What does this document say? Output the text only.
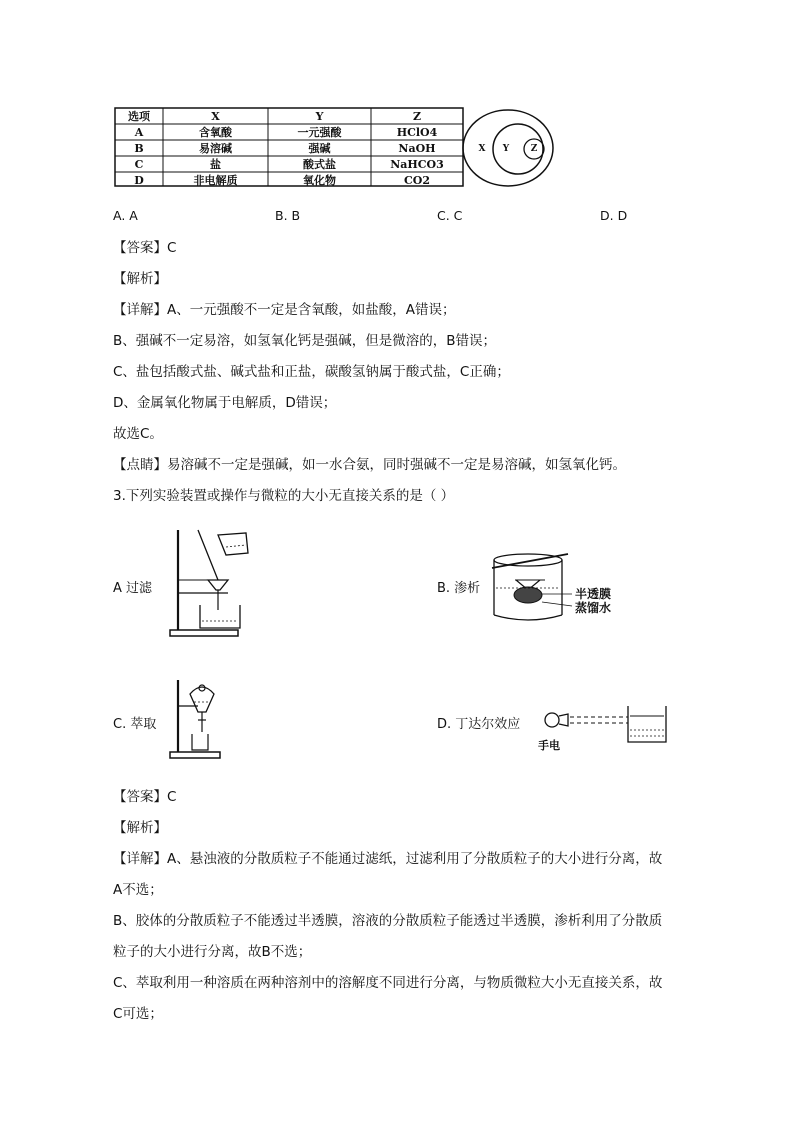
选项	X	Y	Z
A	含氧酸	一元强酸	HClO4
B	易溶碱	强碱	NaOH
C	盐	酸式盐	NaHCO3
D	非电解质	氧化物	CO2
X	Y	Z
A. A	B. B	C. C	D. D
【答案】C
【解析】
【详解】A、一元强酸不一定是含氧酸，如盐酸，A错误；
B、强碱不一定易溶，如氢氧化钙是强碱，但是微溶的，B错误；
C、盐包括酸式盐、碱式盐和正盐，碳酸氢钠属于酸式盐，C正确；
D、金属氧化物属于电解质，D错误；
故选C。
【点睛】易溶碱不一定是强碱，如一水合氨，同时强碱不一定是易溶碱，如氢氧化钙。
3.下列实验装置或操作与微粒的大小无直接关系的是（ ）
A 过滤	B. 渗析	半透膜
蒸馏水
C. 萃取	D. 丁达尔效应
手电
【答案】C
【解析】
【详解】A、悬浊液的分散质粒子不能通过滤纸，过滤利用了分散质粒子的大小进行分离，故
A不选；
B、胶体的分散质粒子不能透过半透膜，溶液的分散质粒子能透过半透膜，渗析利用了分散质
粒子的大小进行分离，故B不选；
C、萃取利用一种溶质在两种溶剂中的溶解度不同进行分离，与物质微粒大小无直接关系，故
C可选；
